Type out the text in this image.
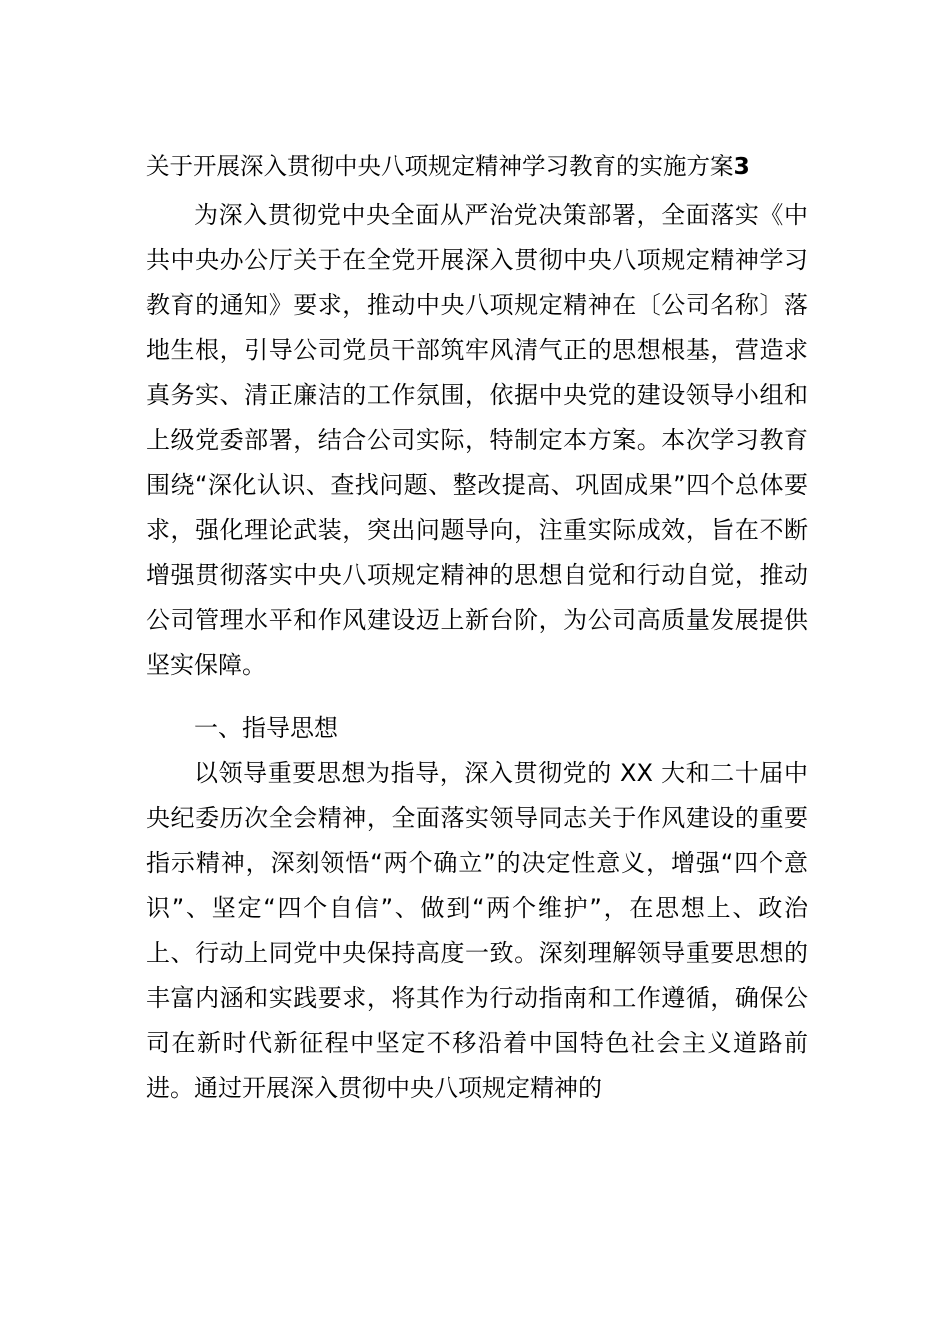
关于开展深入贯彻中央八项规定精神学习教育的实施方案3
为深入贯彻党中央全面从严治党决策部署，全面落实《中共中央办公厅关于在全党开展深入贯彻中央八项规定精神学习教育的通知》要求，推动中央八项规定精神在〔公司名称〕落地生根，引导公司党员干部筑牢风清气正的思想根基，营造求真务实、清正廉洁的工作氛围，依据中央党的建设领导小组和上级党委部署，结合公司实际，特制定本方案。本次学习教育围绕“深化认识、查找问题、整改提高、巩固成果”四个总体要求，强化理论武装，突出问题导向，注重实际成效，旨在不断增强贯彻落实中央八项规定精神的思想自觉和行动自觉，推动公司管理水平和作风建设迈上新台阶，为公司高质量发展提供坚实保障。
一、指导思想
以领导重要思想为指导，深入贯彻党的 XX 大和二十届中央纪委历次全会精神，全面落实领导同志关于作风建设的重要指示精神，深刻领悟“两个确立”的决定性意义，增强“四个意识”、坚定“四个自信”、做到“两个维护”，在思想上、政治上、行动上同党中央保持高度一致。深刻理解领导重要思想的丰富内涵和实践要求，将其作为行动指南和工作遵循，确保公司在新时代新征程中坚定不移沿着中国特色社会主义道路前进。通过开展深入贯彻中央八项规定精神的
